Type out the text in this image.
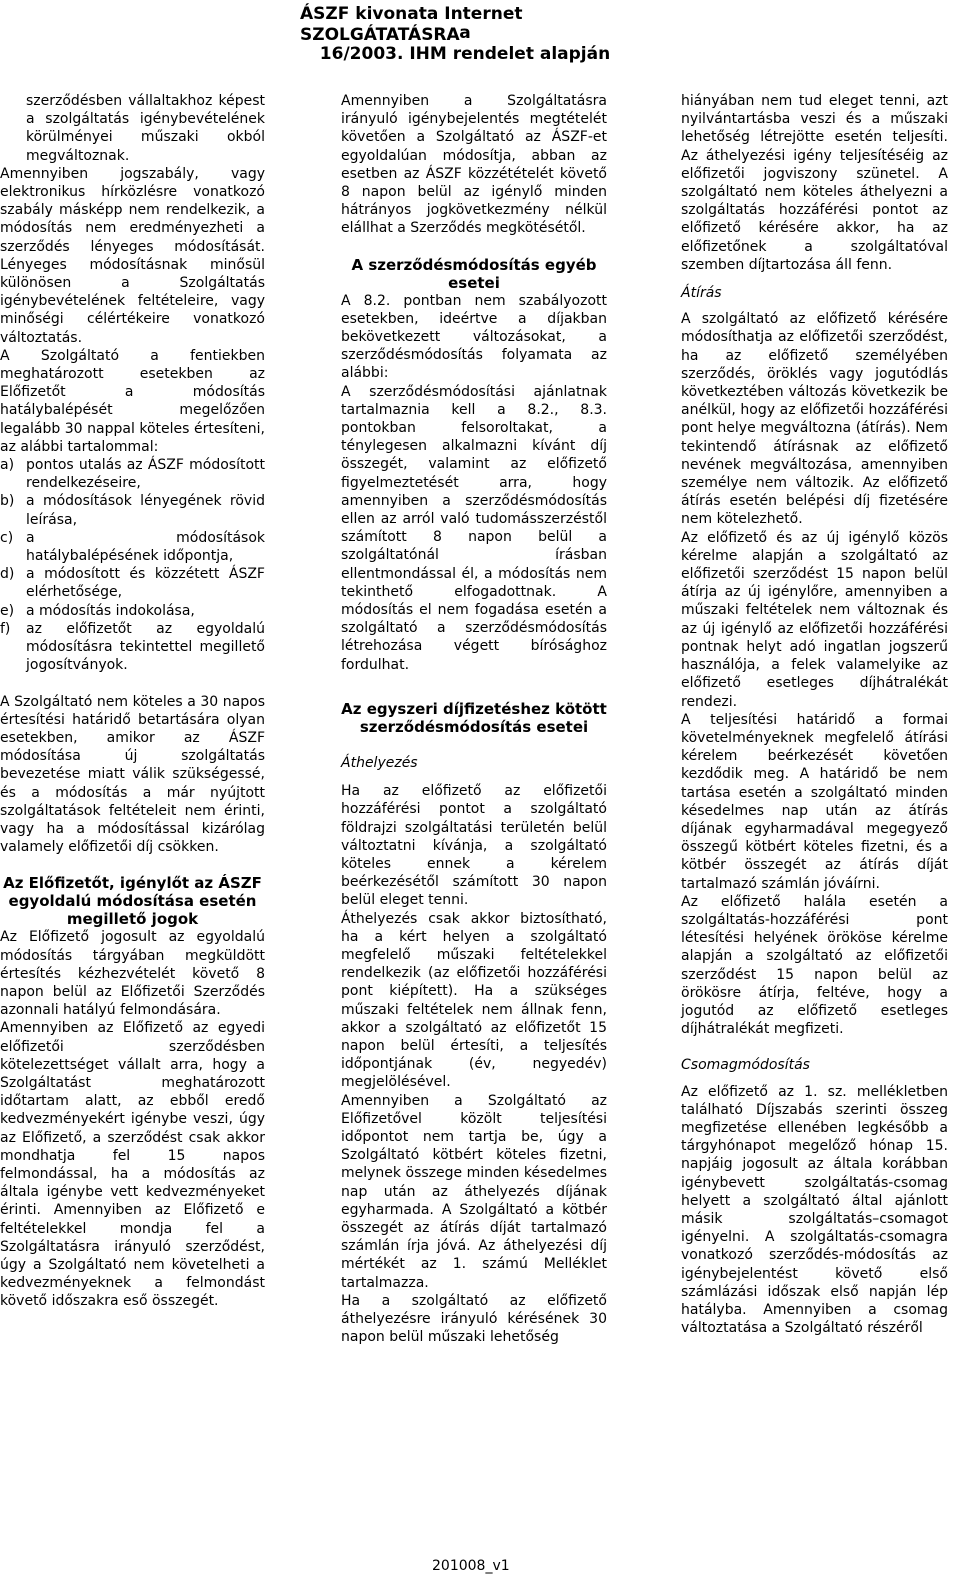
ÁSZF kivonata Internet SZOLGÁTATÁSRA a
16/2003. IHM rendelet alapján

szerződésben vállaltakhoz képest a szolgáltatás igénybevételének körülményei műszaki okból megváltoznak.

Amennyiben jogszabály, vagy elektronikus hírközlésre vonatkozó szabály másképp nem rendelkezik, a módosítás nem eredményezheti a szerződés lényeges módosítását. Lényeges módosításnak minősül különösen a Szolgáltatás igénybevételének feltételeire, vagy minőségi célértékeire vonatkozó változtatás.

A Szolgáltató a fentiekben meghatározott esetekben az Előfizetőt a módosítás hatálybalépését megelőzően legalább 30 nappal köteles értesíteni, az alábbi tartalommal:

a) pontos utalás az ÁSZF módosított rendelkezéseire,
b) a módosítások lényegének rövid leírása,
c) a módosítások hatálybalépésének időpontja,
d) a módosított és közzétett ÁSZF elérhetősége,
e) a módosítás indokolása,
f) az előfizetőt az egyoldalú módosításra tekintettel megillető jogosítványok.

A Szolgáltató nem köteles a 30 napos értesítési határidő betartására olyan esetekben, amikor az ÁSZF módosítása új szolgáltatás bevezetése miatt válik szükségessé, és a módosítás a már nyújtott szolgáltatások feltételeit nem érinti, vagy ha a módosítással kizárólag valamely előfizetői díj csökken.

Az Előfizetőt, igénylőt az ÁSZF egyoldalú módosítása esetén megillető jogok

Az Előfizető jogosult az egyoldalú módosítás tárgyában megküldött értesítés kézhezvételét követő 8 napon belül az Előfizetői Szerződés azonnali hatályú felmondására.

Amennyiben az Előfizető az egyedi előfizetői szerződésben kötelezettséget vállalt arra, hogy a Szolgáltatást meghatározott időtartam alatt, az ebből eredő kedvezményekért igénybe veszi, úgy az Előfizető, a szerződést csak akkor mondhatja fel 15 napos felmondással, ha a módosítás az általa igénybe vett kedvezményeket érinti. Amennyiben az Előfizető e feltételekkel mondja fel a Szolgáltatásra irányuló szerződést, úgy a Szolgáltató nem követelheti a kedvezményeknek a felmondást követő időszakra eső összegét.

Amennyiben a Szolgáltatásra irányuló igénybejelentés megtételét követően a Szolgáltató az ÁSZF-et egyoldalúan módosítja, abban az esetben az ÁSZF közzétételét követő 8 napon belül az igénylő minden hátrányos jogkövetkezmény nélkül elállhat a Szerződés megkötésétől.

A szerződésmódosítás egyéb esetei

A 8.2. pontban nem szabályozott esetekben, ideértve a díjakban bekövetkezett változásokat, a szerződésmódosítás folyamata az alábbi:

A szerződésmódosítási ajánlatnak tartalmaznia kell a 8.2., 8.3. pontokban felsoroltakat, a ténylegesen alkalmazni kívánt díj összegét, valamint az előfizető figyelmeztetését arra, hogy amennyiben a szerződésmódosítás ellen az arról való tudomásszerzéstől számított 8 napon belül a szolgáltatónál írásban ellentmondással él, a módosítás nem tekinthető elfogadottnak. A módosítás el nem fogadása esetén a szolgáltató a szerződésmódosítás létrehozása végett bírósághoz fordulhat.

Az egyszeri díjfizetéshez kötött szerződésmódosítás esetei

Áthelyezés

Ha az előfizető az előfizetői hozzáférési pontot a szolgáltató földrajzi szolgáltatási területén belül változtatni kívánja, a szolgáltató köteles ennek a kérelem beérkezésétől számított 30 napon belül eleget tenni.

Áthelyezés csak akkor biztosítható, ha a kért helyen a szolgáltató megfelelő műszaki feltételekkel rendelkezik (az előfizetői hozzáférési pont kiépített). Ha a szükséges műszaki feltételek nem állnak fenn, akkor a szolgáltató az előfizetőt 15 napon belül értesíti, a teljesítés időpontjának (év, negyedév) megjelölésével.

Amennyiben a Szolgáltató az Előfizetővel közölt teljesítési időpontot nem tartja be, úgy a Szolgáltató kötbért köteles fizetni, melynek összege minden késedelmes nap után az áthelyezés díjának egyharmada. A Szolgáltató a kötbér összegét az átírás díját tartalmazó számlán írja jóvá. Az áthelyezési díj mértékét az 1. számú Melléklet tartalmazza.

Ha a szolgáltató az előfizető áthelyezésre irányuló kérésének 30 napon belül műszaki lehetőség

hiányában nem tud eleget tenni, azt nyilvántartásba veszi és a műszaki lehetőség létrejötte esetén teljesíti. Az áthelyezési igény teljesítéséig az előfizetői jogviszony szünetel. A szolgáltató nem köteles áthelyezni a szolgáltatás hozzáférési pontot az előfizető kérésére akkor, ha az előfizetőnek a szolgáltatóval szemben díjtartozása áll fenn.

Átírás

A szolgáltató az előfizető kérésére módosíthatja az előfizetői szerződést, ha az előfizető személyében szerződés, öröklés vagy jogutódlás következtében változás következik be anélkül, hogy az előfizetői hozzáférési pont helye megváltozna (átírás). Nem tekintendő átírásnak az előfizető nevének megváltozása, amennyiben személye nem változik. Az előfizető átírás esetén belépési díj fizetésére nem kötelezhető.

Az előfizető és az új igénylő közös kérelme alapján a szolgáltató az előfizetői szerződést 15 napon belül átírja az új igénylőre, amennyiben a műszaki feltételek nem változnak és az új igénylő az előfizetői hozzáférési pontnak helyt adó ingatlan jogszerű használója, a felek valamelyike az előfizető esetleges díjhátralékát rendezi.

A teljesítési határidő a formai követelményeknek megfelelő átírási kérelem beérkezését követően kezdődik meg. A határidő be nem tartása esetén a szolgáltató minden késedelmes nap után az átírás díjának egyharmadával megegyező összegű kötbért köteles fizetni, és a kötbér összegét az átírás díját tartalmazó számlán jóváírni.

Az előfizető halála esetén a szolgáltatás-hozzáférési pont létesítési helyének örököse kérelme alapján a szolgáltató az előfizetői szerződést 15 napon belül az örökösre átírja, feltéve, hogy a jogutód az előfizető esetleges díjhátralékát megfizeti.

Csomagmódosítás

Az előfizető az 1. sz. mellékletben található Díjszabás szerinti összeg megfizetése ellenében legkésőbb a tárgyhónapot megelőző hónap 15. napjáig jogosult az általa korábban igénybevett szolgáltatás-csomag helyett a szolgáltató által ajánlott másik szolgáltatás–csomagot igényelni. A szolgáltatás-csomagra vonatkozó szerződés-módosítás az igénybejelentést követő első számlázási időszak első napján lép hatályba. Amennyiben a csomag változtatása a Szolgáltató részéről

201008_v1
